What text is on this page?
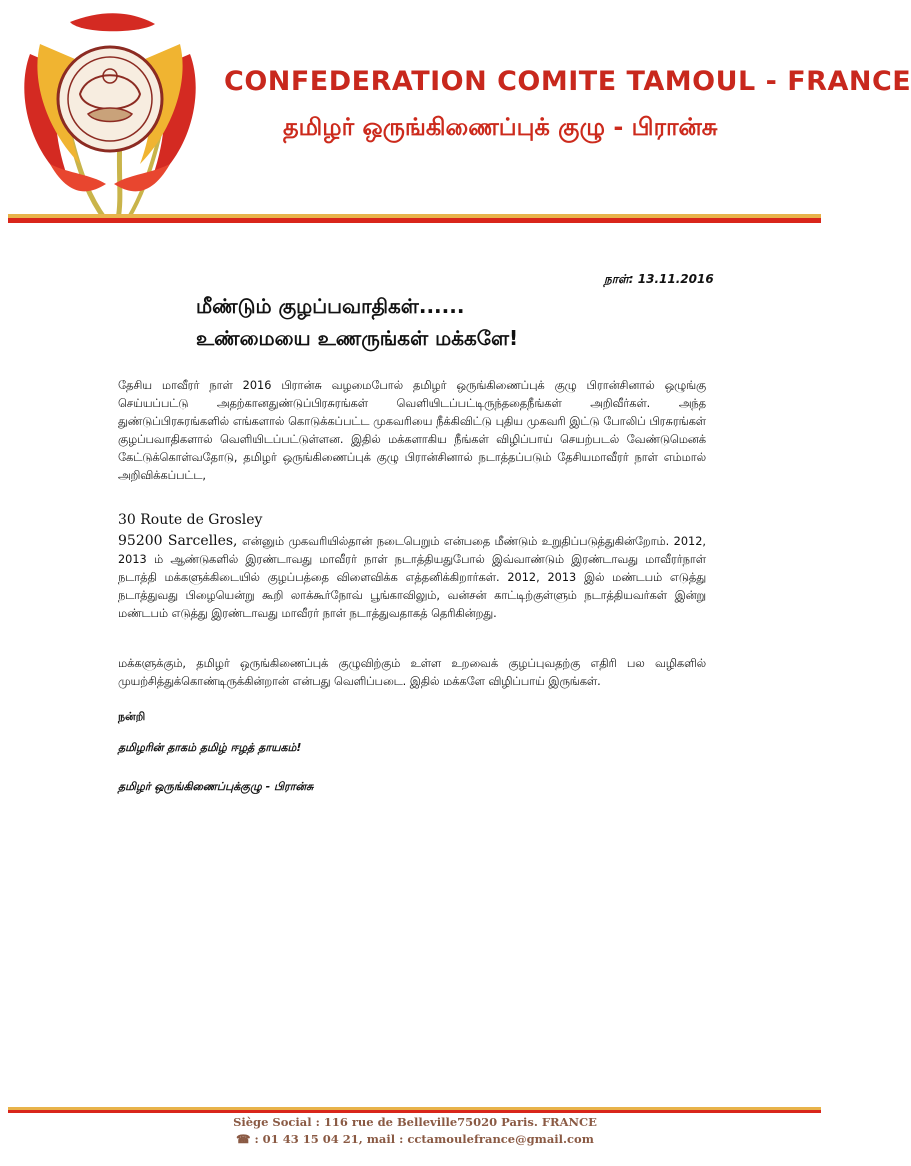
CONFEDERATION COMITE TAMOUL - FRANCE
தமிழர் ஒருங்கிணைப்புக் குழு - பிரான்சு
நாள்: 13.11.2016
மீண்டும் குழப்பவாதிகள்......
உண்மையை உணருங்கள் மக்களே!
தேசிய மாவீரர் நாள் 2016 பிரான்சு வழமைபோல் தமிழர் ஒருங்கிணைப்புக் குழு பிரான்சினால் ஒழுங்கு செய்யப்பட்டு அதற்கானதுண்டுப்பிரசுரங்கள் வெளியிடப்பட்டிருந்ததைநீங்கள் அறிவீர்கள். அந்த துண்டுப்பிரசுரங்களில் எங்களால் கொடுக்கப்பட்ட முகவரியை நீக்கிவிட்டு புதிய முகவரி இட்டு போலிப் பிரசுரங்கள் குழப்பவாதிகளால் வெளியிடப்பட்டுள்ளன. இதில் மக்களாகிய நீங்கள் விழிப்பாய் செயற்படல் வேண்டுமெனக் கேட்டுக்கொள்வதோடு, தமிழர் ஒருங்கிணைப்புக் குழு பிரான்சினால் நடாத்தப்படும் தேசியமாவீரர் நாள் எம்மால் அறிவிக்கப்பட்ட,
30 Route de Grosley
95200 Sarcelles, என்னும் முகவரியில்தான் நடைபெறும் என்பதை மீண்டும் உறுதிப்படுத்துகின்றோம். 2012, 2013 ம் ஆண்டுகளில் இரண்டாவது மாவீரர் நாள் நடாத்தியதுபோல் இவ்வாண்டும் இரண்டாவது மாவீரர்நாள் நடாத்தி மக்களுக்கிடையில் குழப்பத்தை விளைவிக்க எத்தனிக்கிறார்கள். 2012, 2013 இல் மண்டபம் எடுத்து நடாத்துவது பிழையென்று கூறி லாக்கூர்நோவ் பூங்காவிலும், வன்சன் காட்டிற்குள்ளும் நடாத்தியவர்கள் இன்று மண்டபம் எடுத்து இரண்டாவது மாவீரர் நாள் நடாத்துவதாகத் தெரிகின்றது.
மக்களுக்கும், தமிழர் ஒருங்கிணைப்புக் குழுவிற்கும் உள்ள உறவைக் குழப்புவதற்கு எதிரி பல வழிகளில் முயற்சித்துக்கொண்டிருக்கின்றான் என்பது வெளிப்படை. இதில் மக்களே விழிப்பாய் இருங்கள்.
நன்றி
தமிழரின் தாகம் தமிழ் ஈழத் தாயகம்!
தமிழர் ஒருங்கிணைப்புக்குழு - பிரான்சு
Siège Social : 116 rue de Belleville75020 Paris. FRANCE
☎ : 01 43 15 04 21, mail : cctamoulefrance@gmail.com
